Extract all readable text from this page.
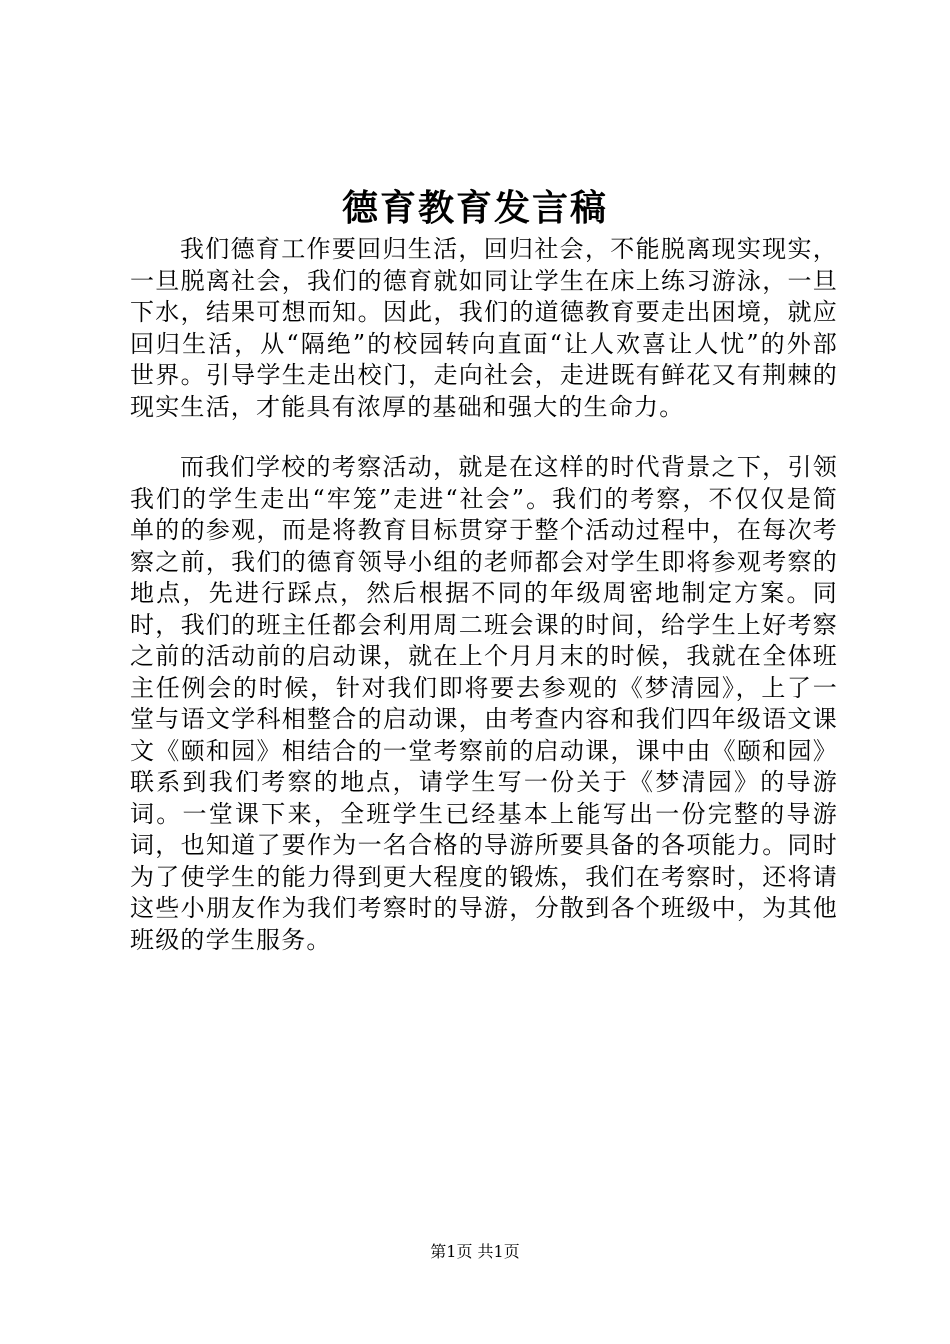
德育教育发言稿

我们德育工作要回归生活，回归社会，不能脱离现实现实，一旦脱离社会，我们的德育就如同让学生在床上练习游泳，一旦下水，结果可想而知。因此，我们的道德教育要走出困境，就应回归生活，从“隔绝”的校园转向直面“让人欢喜让人忧”的外部世界。引导学生走出校门，走向社会，走进既有鲜花又有荆棘的现实生活，才能具有浓厚的基础和强大的生命力。

而我们学校的考察活动，就是在这样的时代背景之下，引领我们的学生走出“牢笼”走进“社会”。我们的考察，不仅仅是简单的的参观，而是将教育目标贯穿于整个活动过程中，在每次考察之前，我们的德育领导小组的老师都会对学生即将参观考察的地点，先进行踩点，然后根据不同的年级周密地制定方案。同时，我们的班主任都会利用周二班会课的时间，给学生上好考察之前的活动前的启动课，就在上个月月末的时候，我就在全体班主任例会的时候，针对我们即将要去参观的《梦清园》，上了一堂与语文学科相整合的启动课，由考查内容和我们四年级语文课文《颐和园》相结合的一堂考察前的启动课，课中由《颐和园》联系到我们考察的地点，请学生写一份关于《梦清园》的导游词。一堂课下来，全班学生已经基本上能写出一份完整的导游词，也知道了要作为一名合格的导游所要具备的各项能力。同时为了使学生的能力得到更大程度的锻炼，我们在考察时，还将请这些小朋友作为我们考察时的导游，分散到各个班级中，为其他班级的学生服务。

第1页 共1页
